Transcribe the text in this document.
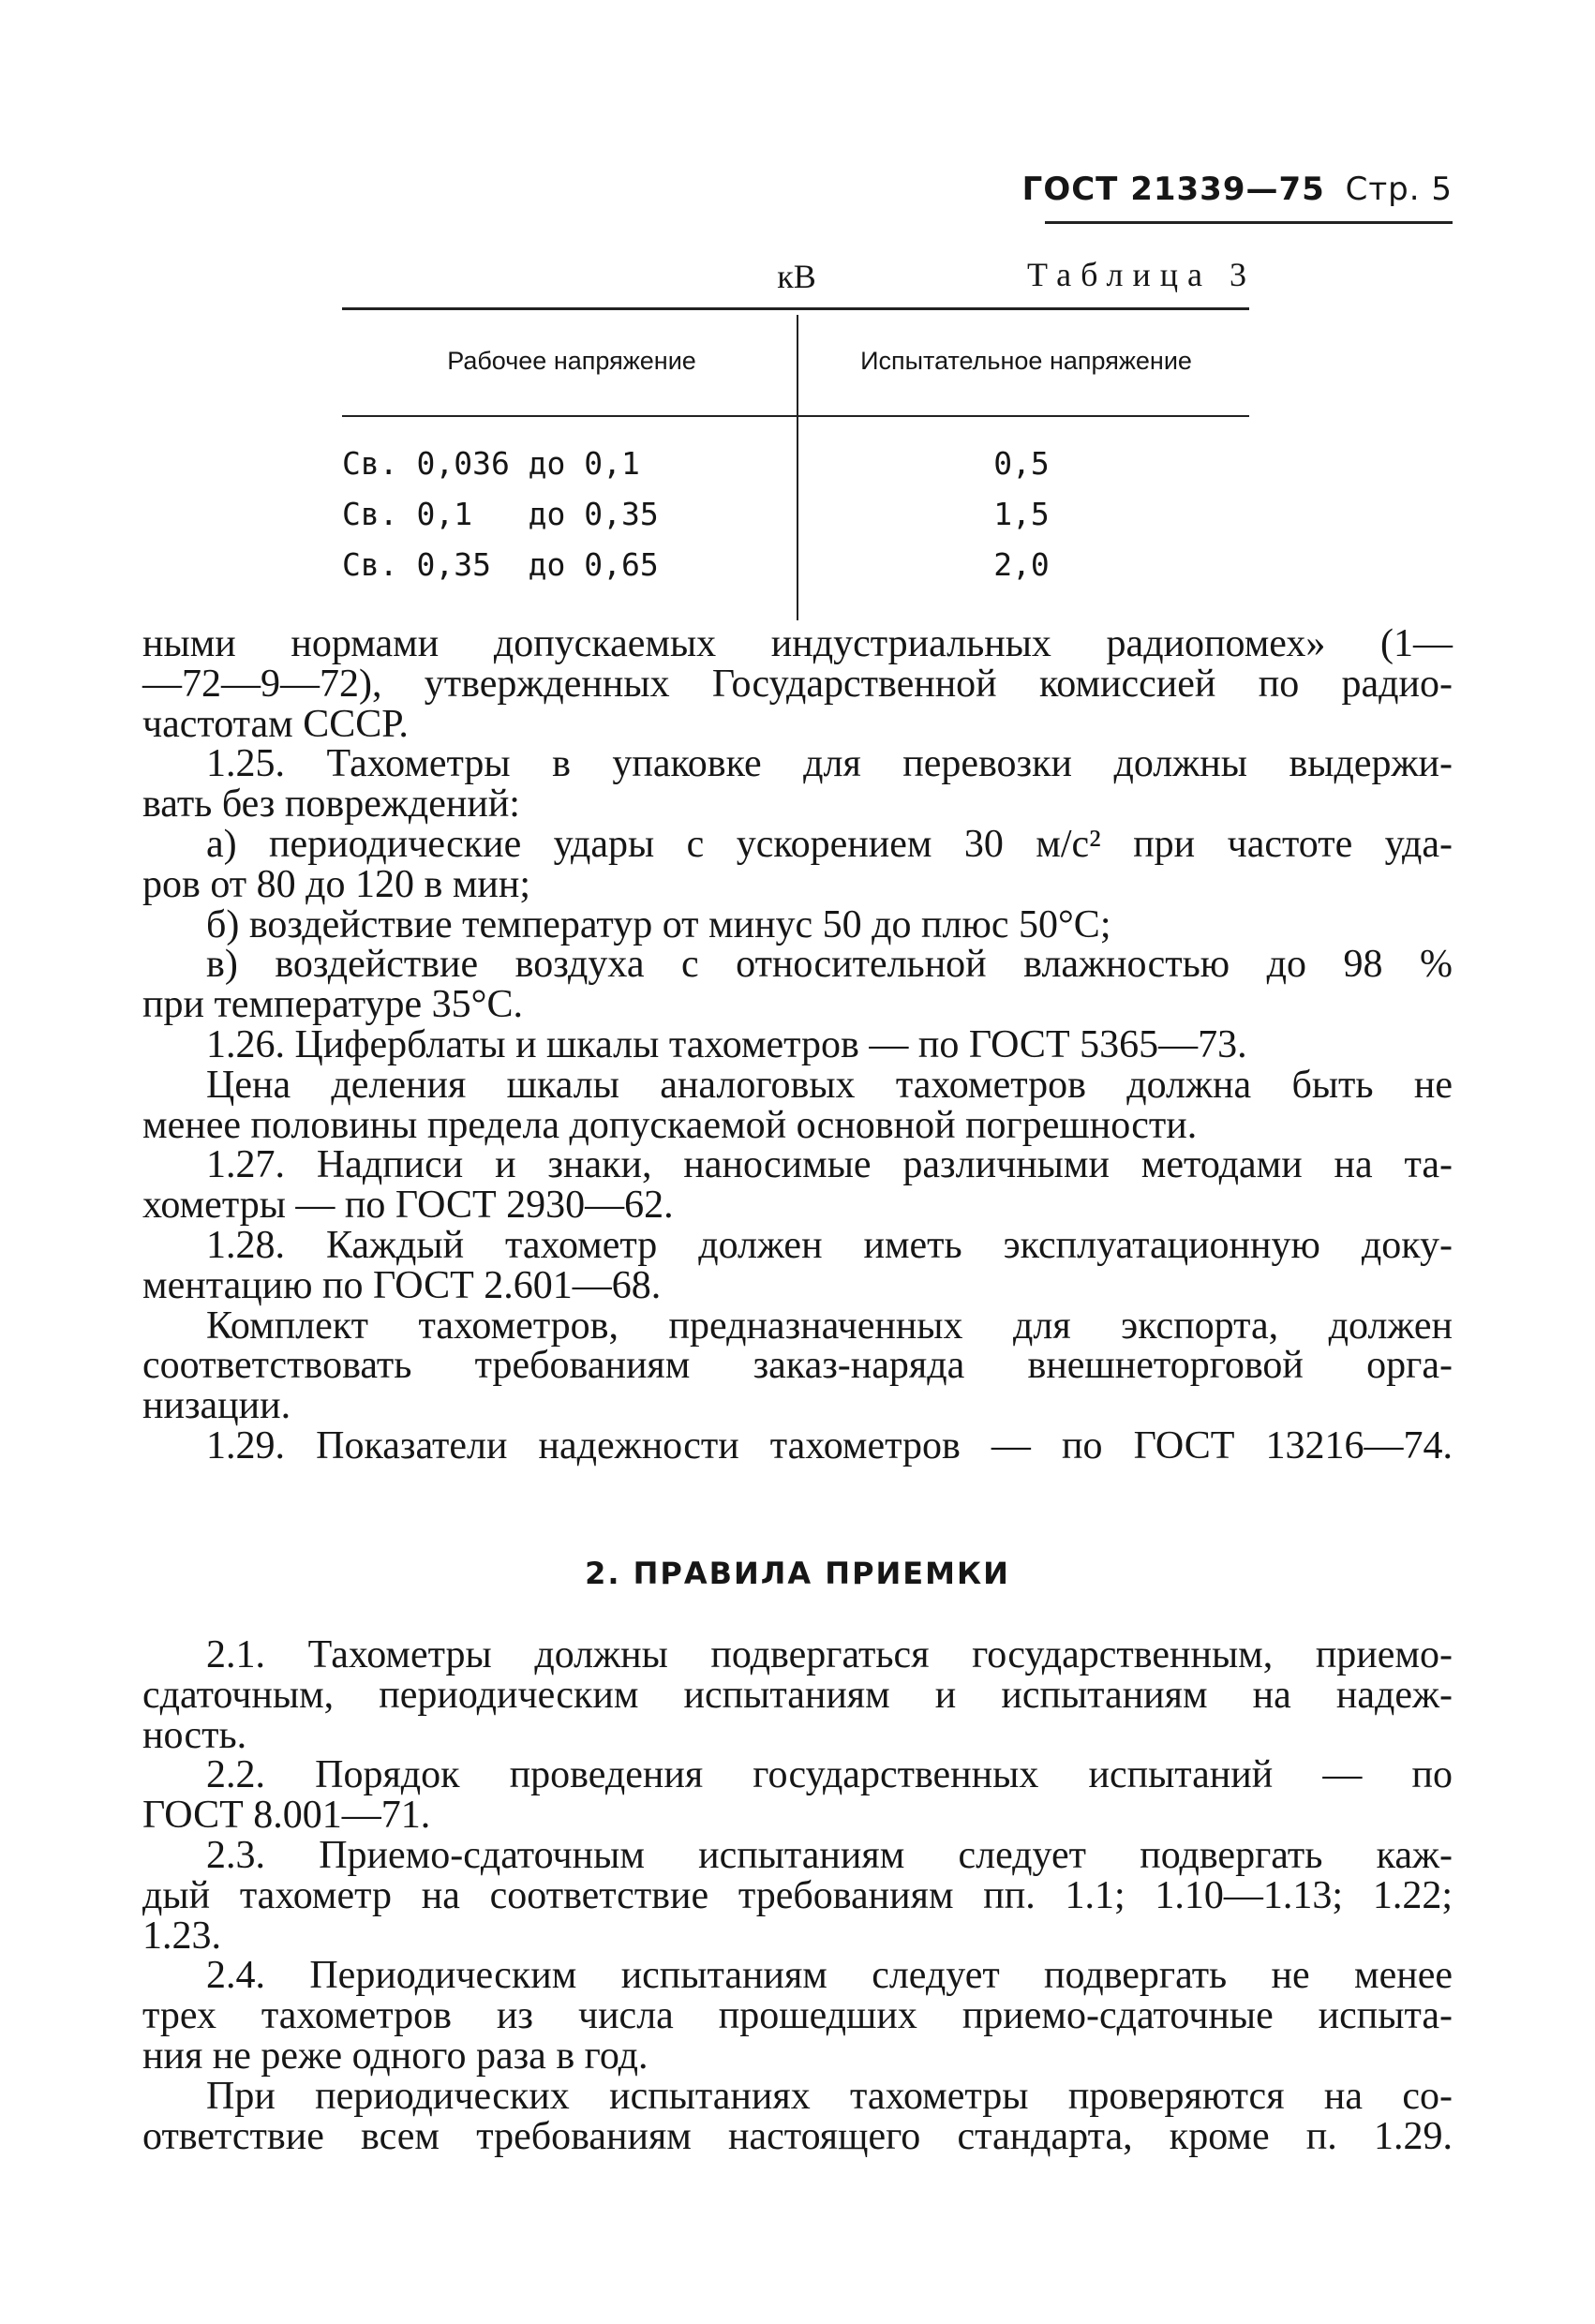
ГОСТ 21339—75 Стр. 5
кВ	Таблица 3
Рабочее напряжение	Испытательное напряжение
Св. 0,036 до 0,1	0,5
Св. 0,1   до 0,35	1,5
Св. 0,35  до 0,65	2,0
ными нормами допускаемых индустриальных радиопомех» (1—
—72—9—72), утвержденных Государственной комиссией по радио-
частотам СССР.
1.25. Тахометры в упаковке для перевозки должны выдержи-
вать без повреждений:
а) периодические удары с ускорением 30 м/с² при частоте уда-
ров от 80 до 120 в мин;
б) воздействие температур от минус 50 до плюс 50°С;
в) воздействие воздуха с относительной влажностью до 98 %
при температуре 35°С.
1.26. Циферблаты и шкалы тахометров — по ГОСТ 5365—73.
Цена деления шкалы аналоговых тахометров должна быть не
менее половины предела допускаемой основной погрешности.
1.27. Надписи и знаки, наносимые различными методами на та-
хометры — по ГОСТ 2930—62.
1.28. Каждый тахометр должен иметь эксплуатационную доку-
ментацию по ГОСТ 2.601—68.
Комплект тахометров, предназначенных для экспорта, должен
соответствовать требованиям заказ-наряда внешнеторговой орга-
низации.
1.29. Показатели надежности тахометров — по ГОСТ 13216—74.
2. ПРАВИЛА ПРИЕМКИ
2.1. Тахометры должны подвергаться государственным, приемо-
сдаточным, периодическим испытаниям и испытаниям на надеж-
ность.
2.2. Порядок проведения государственных испытаний — по
ГОСТ 8.001—71.
2.3. Приемо-сдаточным испытаниям следует подвергать каж-
дый тахометр на соответствие требованиям пп. 1.1; 1.10—1.13; 1.22;
1.23.
2.4. Периодическим испытаниям следует подвергать не менее
трех тахометров из числа прошедших приемо-сдаточные испыта-
ния не реже одного раза в год.
При периодических испытаниях тахометры проверяются на со-
ответствие всем требованиям настоящего стандарта, кроме п. 1.29.
